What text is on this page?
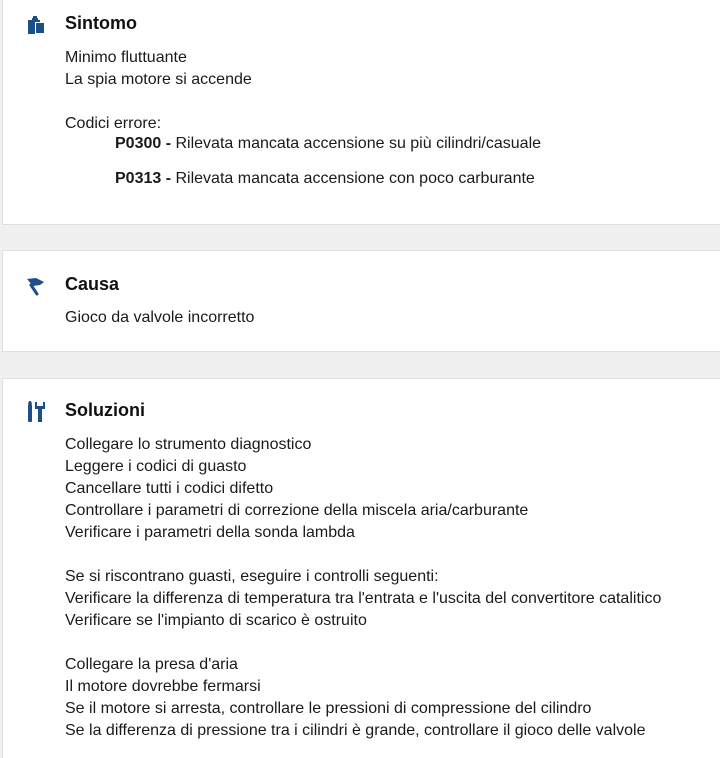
Sintomo
Minimo fluttuante
La spia motore si accende
Codici errore:
P0300 - Rilevata mancata accensione su più cilindri/casuale
P0313 - Rilevata mancata accensione con poco carburante
Causa
Gioco da valvole incorretto
Soluzioni
Collegare lo strumento diagnostico
Leggere i codici di guasto
Cancellare tutti i codici difetto
Controllare i parametri di correzione della miscela aria/carburante
Verificare i parametri della sonda lambda
Se si riscontrano guasti, eseguire i controlli seguenti:
Verificare la differenza di temperatura tra l'entrata e l'uscita del convertitore catalitico
Verificare se l'impianto di scarico è ostruito
Collegare la presa d'aria
Il motore dovrebbe fermarsi
Se il motore si arresta, controllare le pressioni di compressione del cilindro
Se la differenza di pressione tra i cilindri è grande, controllare il gioco delle valvole
